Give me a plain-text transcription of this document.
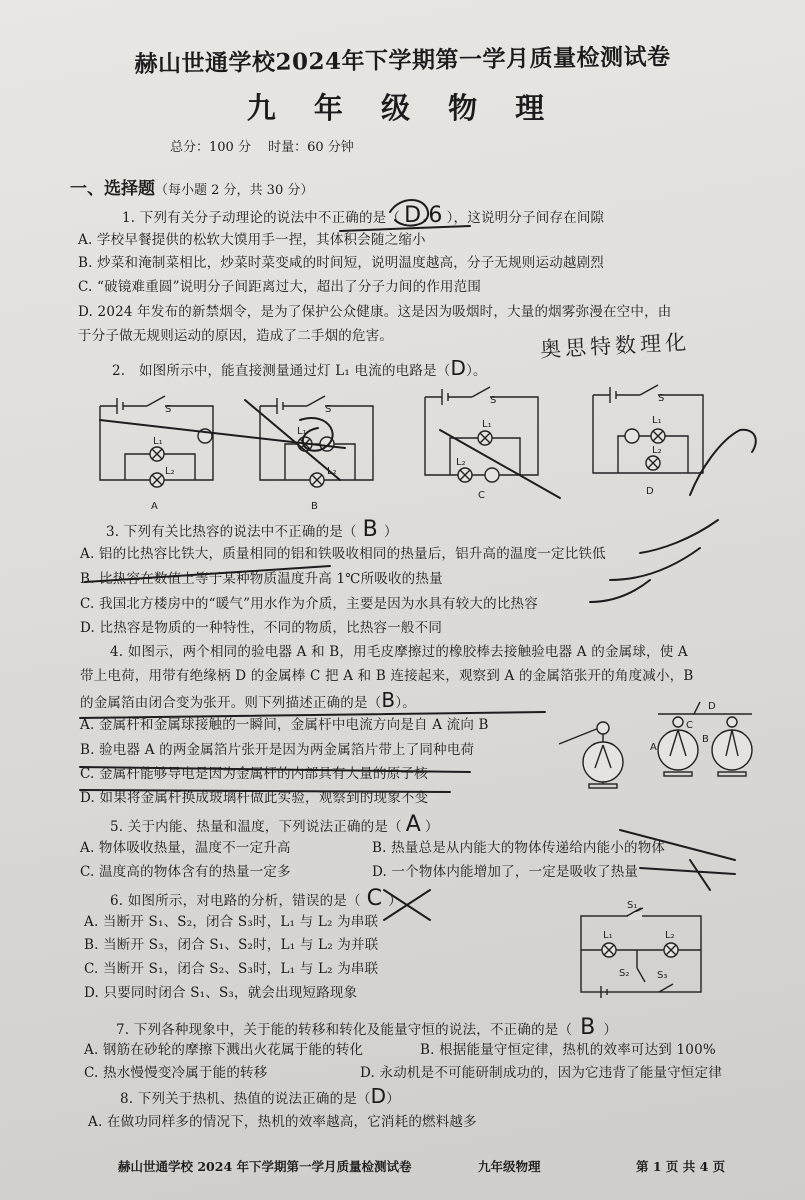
赫山世通学校2024年下学期第一学月质量检测试卷
九 年 级 物 理
总分：100 分　 时量：60 分钟
一、选择题（每小题 2 分，共 30 分）
1. 下列有关分子动理论的说法中不正确的是（ D.6 ），这说明分子间存在间隙
A. 学校早餐提供的松软大馍用手一捏，其体积会随之缩小
B. 炒菜和淹制菜相比，炒菜时菜变咸的时间短，说明温度越高，分子无规则运动越剧烈
C. “破镜难重圆”说明分子间距离过大，超出了分子力间的作用范围
D. 2024 年发布的新禁烟令，是为了保护公众健康。这是因为吸烟时，大量的烟雾弥漫在空中，由
于分子做无规则运动的原因，造成了二手烟的危害。	奥思特数理化
2.　如图所示中，能直接测量通过灯 L₁ 电流的电路是（D）。
S
L₁
L₂
A
S
L₁
L₂
B
S
L₁
L₂
C
S
L₁
L₂
D
3. 下列有关比热容的说法中不正确的是（ B ）
A. 铝的比热容比铁大，质量相同的铝和铁吸收相同的热量后，铝升高的温度一定比铁低
B. 比热容在数值上等于某种物质温度升高 1℃所吸收的热量
C. 我国北方楼房中的“暖气”用水作为介质，主要是因为水具有较大的比热容
D. 比热容是物质的一种特性，不同的物质，比热容一般不同
4. 如图示，两个相同的验电器 A 和 B，用毛皮摩擦过的橡胶棒去接触验电器 A 的金属球，使 A
带上电荷，用带有绝缘柄 D 的金属棒 C 把 A 和 B 连接起来，观察到 A 的金属箔张开的角度减小，B
的金属箔由闭合变为张开。则下列描述正确的是（B）。
A. 金属杆和金属球接触的一瞬间，金属杆中电流方向是自 A 流向 B
B. 验电器 A 的两金属箔片张开是因为两金属箔片带上了同种电荷
C. 金属杆能够导电是因为金属杆的内部具有大量的原子核
D. 如果将金属杆换成玻璃杆做此实验，观察到的现象不变
A
B
C
D
5. 关于内能、热量和温度，下列说法正确的是（ A ）
A. 物体吸收热量，温度不一定升高	B. 热量总是从内能大的物体传递给内能小的物体
C. 温度高的物体含有的热量一定多	D. 一个物体内能增加了，一定是吸收了热量
6. 如图所示，对电路的分析，错误的是（ C ）
A. 当断开 S₁、S₂，闭合 S₃时，L₁ 与 L₂ 为串联
B. 当断开 S₃，闭合 S₁、S₂时，L₁ 与 L₂ 为并联
C. 当断开 S₁，闭合 S₂、S₃时，L₁ 与 L₂ 为串联
D. 只要同时闭合 S₁、S₃，就会出现短路现象
S₁
L₁	L₂
S₂	S₃
7. 下列各种现象中，关于能的转移和转化及能量守恒的说法，不正确的是（ B ）
A. 钢筋在砂轮的摩擦下溅出火花属于能的转化	B. 根据能量守恒定律，热机的效率可达到 100%
C. 热水慢慢变冷属于能的转移	D. 永动机是不可能研制成功的，因为它违背了能量守恒定律
8. 下列关于热机、热值的说法正确的是（D）
A. 在做功同样多的情况下，热机的效率越高，它消耗的燃料越多
赫山世通学校 2024 年下学期第一学月质量检测试卷	九年级物理	第 1 页 共 4 页
